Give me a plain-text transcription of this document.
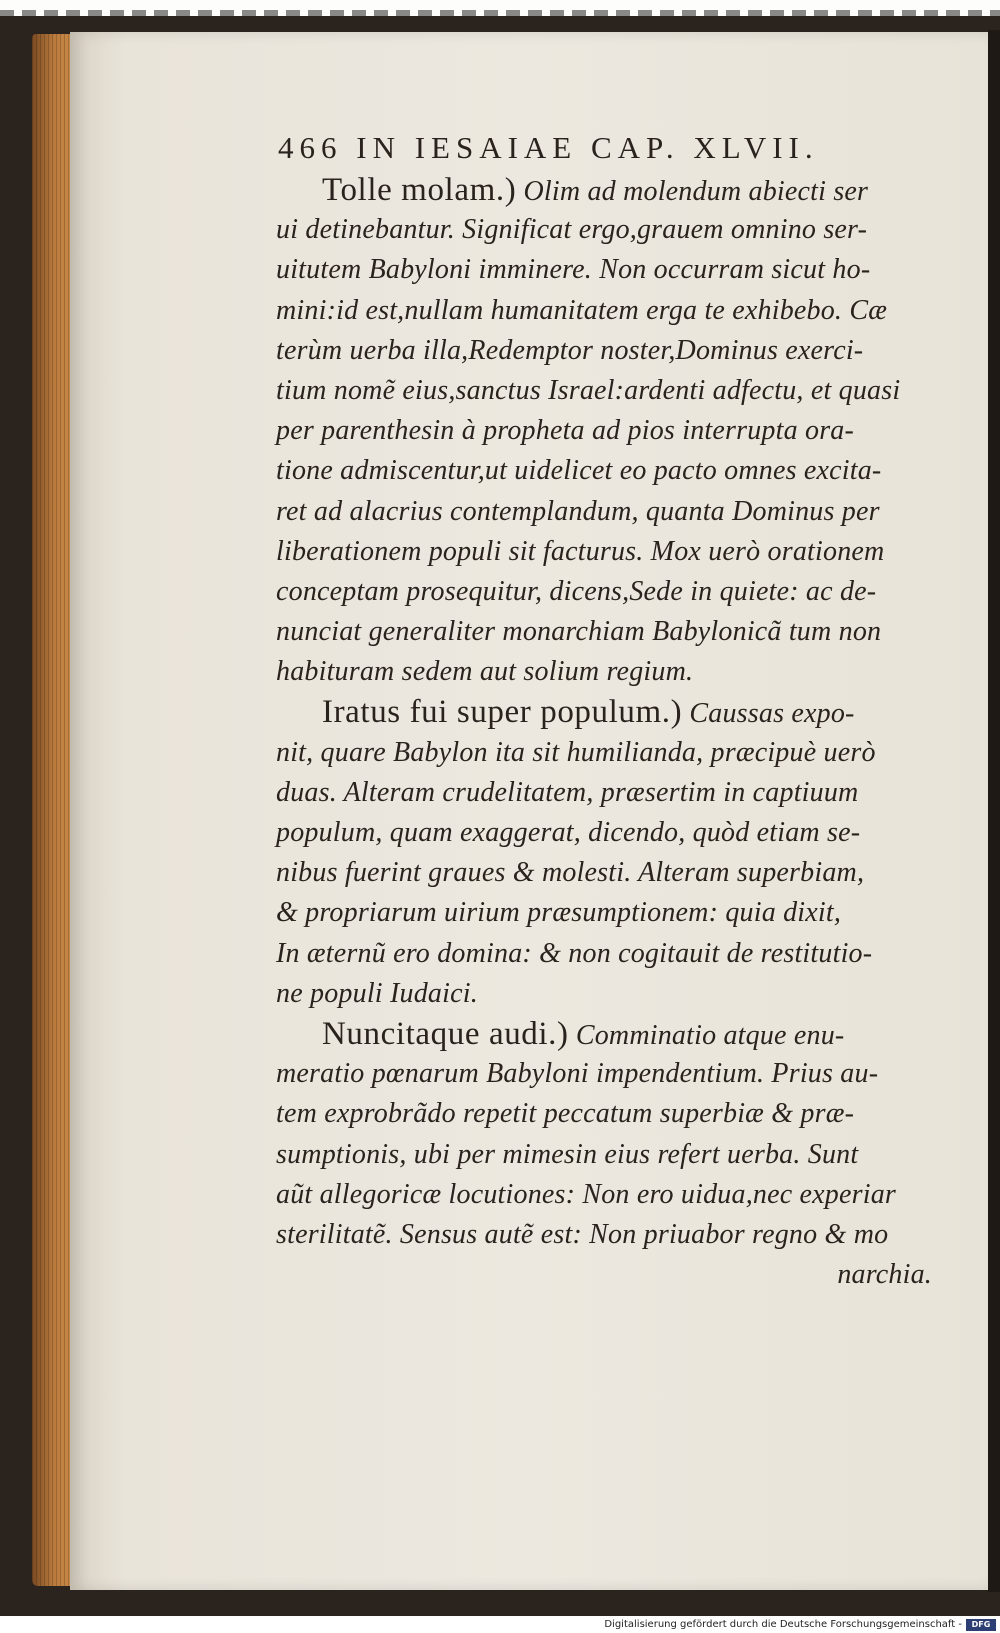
466 IN IESAIAE CAP. XLVII.
Tolle molam.) Olim ad molendum abiecti ser
ui detinebantur. Significat ergo,grauem omnino ser-
uitutem Babyloni imminere. Non occurram sicut ho-
mini:id est,nullam humanitatem erga te exhibebo. Cæ
terùm uerba illa,Redemptor noster,Dominus exerci-
tium nomẽ eius,sanctus Israel:ardenti adfectu, et quasi
per parenthesin à propheta ad pios interrupta ora-
tione admiscentur,ut uidelicet eo pacto omnes excita-
ret ad alacrius contemplandum, quanta Dominus per
liberationem populi sit facturus. Mox uerò orationem
conceptam prosequitur, dicens,Sede in quiete: ac de-
nunciat generaliter monarchiam Babylonicã tum non
habituram sedem aut solium regium.
Iratus fui super populum.) Caussas expo-
nit, quare Babylon ita sit humilianda, præcipuè uerò
duas. Alteram crudelitatem, præsertim in captiuum
populum, quam exaggerat, dicendo, quòd etiam se-
nibus fuerint graues & molesti. Alteram superbiam,
& propriarum uirium præsumptionem: quia dixit,
In æternũ ero domina: & non cogitauit de restitutio-
ne populi Iudaici.
Nuncitaque audi.) Comminatio atque enu-
meratio pœnarum Babyloni impendentium. Prius au-
tem exprobrãdo repetit peccatum superbiæ & præ-
sumptionis, ubi per mimesin eius refert uerba. Sunt
aũt allegoricæ locutiones: Non ero uidua,nec experiar
sterilitatẽ. Sensus autẽ est: Non priuabor regno & mo
narchia.
Digitalisierung gefördert durch die Deutsche Forschungsgemeinschaft -	DFG
